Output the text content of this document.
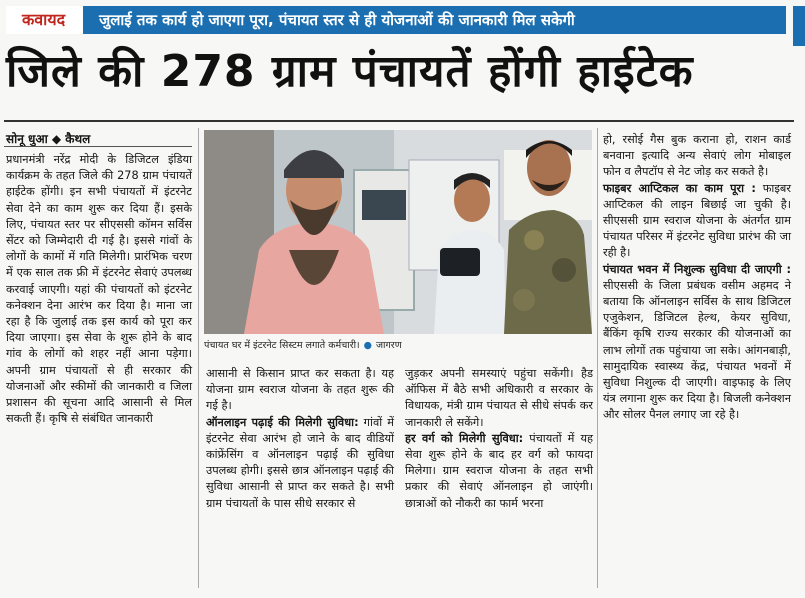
कवायद	जुलाई तक कार्य हो जाएगा पूरा, पंचायत स्तर से ही योजनाओं की जानकारी मिल सकेगी
जिले की 278 ग्राम पंचायतें होंगी हाईटेक
सोनू धुआ ◆ कैथल

प्रधानमंत्री नरेंद्र मोदी के डिजिटल इंडिया कार्यक्रम के तहत जिले की 278 ग्राम पंचायतें हाईटेक होंगी। इन सभी पंचायतों में इंटरनेट सेवा देने का काम शुरू कर दिया हैं। इसके लिए, पंचायत स्तर पर सीएससी कॉमन सर्विस सेंटर को जिम्मेदारी दी गई है। इससे गांवों के लोगों के कामों में गति मिलेगी। प्रारंभिक चरण में एक साल तक फ्री में इंटरनेट सेवाएं उपलब्ध करवाई जाएगी। यहां की पंचायतों को इंटरनेट कनेक्शन देना आरंभ कर दिया है। माना जा रहा है कि जुलाई तक इस कार्य को पूरा कर दिया जाएगा। इस सेवा के शुरू होने के बाद गांव के लोगों को शहर नहीं आना पड़ेगा। अपनी ग्राम पंचायतों से ही सरकार की योजनाओं और स्कीमों की जानकारी व जिला प्रशासन की सूचना आदि आसानी से मिल सकती हैं। कृषि से संबंधित जानकारी

पंचायत घर में इंटरनेट सिस्टम लगाते कर्मचारी। ● जागरण

आसानी से किसान प्राप्त कर सकता है। यह योजना ग्राम स्वराज योजना के तहत शुरू की गई है।
ऑनलाइन पढ़ाई की मिलेगी सुविधा: गांवों में इंटरनेट सेवा आरंभ हो जाने के बाद वीडियों कांफ्रेंसिंग व ऑनलाइन पढ़ाई की सुविधा उपलब्ध होगी। इससे छात्र ऑनलाइन पढ़ाई की सुविधा आसानी से प्राप्त कर सकते है। सभी ग्राम पंचायतों के पास सीधे सरकार से

जुड़कर अपनी समस्याएं पहुंचा सकेंगी। हैड ऑफिस में बैठे सभी अधिकारी व सरकार के विधायक, मंत्री ग्राम पंचायत से सीधे संपर्क कर जानकारी ले सकेंगे।
हर वर्ग को मिलेगी सुविधा: पंचायतों में यह सेवा शुरू होने के बाद हर वर्ग को फायदा मिलेगा। ग्राम स्वराज योजना के तहत सभी प्रकार की सेवाएं ऑनलाइन हो जाएंगी। छात्राओं को नौकरी का फार्म भरना

हो, रसोई गैस बुक कराना हो, राशन कार्ड बनवाना इत्यादि अन्य सेवाएं लोग मोबाइल फोन व लैपटॉप से नेट जोड़ कर सकते है।
फाइबर आप्टिकल का काम पूरा : फाइबर आप्टिकल की लाइन बिछाई जा चुकी है। सीएससी ग्राम स्वराज योजना के अंतर्गत ग्राम पंचायत परिसर में इंटरनेट सुविधा प्रारंभ की जा रही है।
पंचायत भवन में निशुल्क सुविधा दी जाएगी : सीएससी के जिला प्रबंधक वसीम अहमद ने बताया कि ऑनलाइन सर्विस के साथ डिजिटल एजुकेशन, डिजिटल हेल्थ, केयर सुविधा, बैंकिंग कृषि राज्य सरकार की योजनाओं का लाभ लोगों तक पहुंचाया जा सके। आंगनबाड़ी, सामुदायिक स्वास्थ्य केंद्र, पंचायत भवनों में सुविधा निशुल्क दी जाएगी। वाइफाइ के लिए यंत्र लगाना शुरू कर दिया है। बिजली कनेक्शन और सोलर पैनल लगाए जा रहे है।
